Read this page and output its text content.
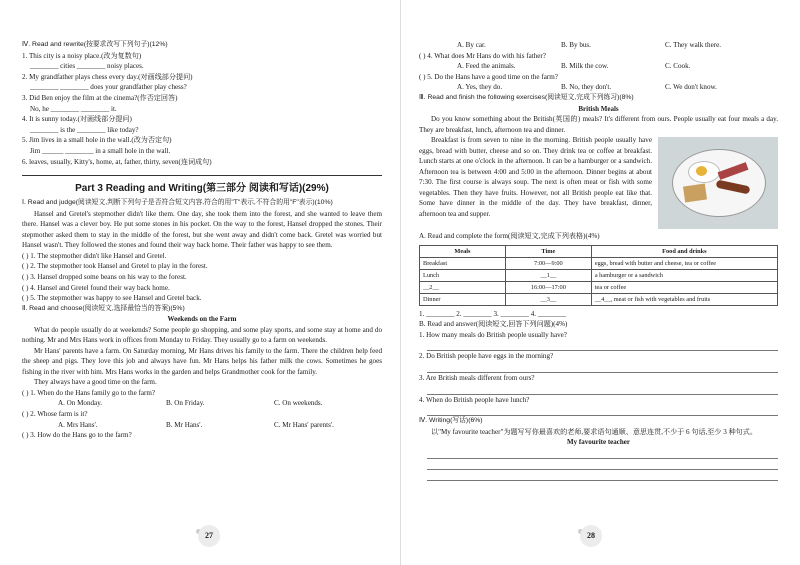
Ⅳ. Read and rewrite(按要求改写下列句子)(12%)
1. This city is a noisy place.(改为复数句)
________ cities ________ noisy places.
2. My grandfather plays chess every day.(对画线部分提问)
________ ________ does your grandfather play chess?
3. Did Ben enjoy the film at the cinema?(作否定回答)
No, he ________ ________ it.
4. It is sunny today.(对画线部分提问)
________ is the ________ like today?
5. Jim lives in a small hole in the wall.(改为否定句)
Jim ______ ________ in a small hole in the wall.
6. leaves, usually, Kitty's, home, at, father, thirty, seven(连词成句)
Part 3 Reading and Writing(第三部分 阅读和写话)(29%)
Ⅰ. Read and judge(阅读短文,判断下列句子是否符合短文内容,符合的用"T"表示,不符合的用"F"表示)(10%)

Hansel and Gretel's stepmother didn't like them. One day, she took them into the forest, and she wanted to leave them there. Hansel was a clever boy. He put some stones in his pocket. On the way to the forest, Hansel dropped the stones. Their stepmother asked them to stay in the middle of the forest, but she went away and didn't come back. Gretel was worried but Hansel wasn't. They followed the stones and found their way back home. Their father was happy to see them.

( ) 1. The stepmother didn't like Hansel and Gretel.
( ) 2. The stepmother took Hansel and Gretel to play in the forest.
( ) 3. Hansel dropped some beans on his way to the forest.
( ) 4. Hansel and Gretel found their way back home.
( ) 5. The stepmother was happy to see Hansel and Gretel back.
Ⅱ. Read and choose(阅读短文,选择最恰当的答案)(5%)
Weekends on the Farm

What do people usually do at weekends? Some people go shopping, and some play sports, and some stay at home and do nothing. Mr and Mrs Hans work in offices from Monday to Friday. They usually go to a farm on weekends.

Mr Hans' parents have a farm. On Saturday morning, Mr Hans drives his family to the farm. There the children help feed the sheep and pigs. They love this job and always have fun. Mr Hans helps his father milk the cows. Sometimes he goes fishing in the river with him. Mrs Hans works in the garden and helps Grandmother cook for the family.

They always have a good time on the farm.

( ) 1. When do the Hans family go to the farm?
A. On Monday.	B. On Friday.	C. On weekends.
( ) 2. Whose farm is it?
A. Mrs Hans'.	B. Mr Hans'.	C. Mr Hans' parents'.
( ) 3. How do the Hans go to the farm?
27
A. By car.	B. By bus.	C. They walk there.
( ) 4. What does Mr Hans do with his father?
A. Feed the animals.	B. Milk the cow.	C. Cook.
( ) 5. Do the Hans have a good time on the farm?
A. Yes, they do.	B. No, they don't.	C. We don't know.
Ⅲ. Read and finish the following exercises(阅读短文,完成下列练习)(8%)
British Meals

Do you know something about the British(英国的) meals? It's different from ours. People usually eat four meals a day. They are breakfast, lunch, afternoon tea and dinner.

Breakfast is from seven to nine in the morning. British people usually have eggs, bread with butter, cheese and so on. They drink tea or coffee at breakfast. Lunch starts at one o'clock in the afternoon. It can be a hamburger or a sandwich. Afternoon tea is between 4:00 and 5:00 in the afternoon. Dinner begins at about 7:30. The first course is always soup. The next is often meat or fish with some vegetables. Then they have fruits. However, not all British people eat like that. Some have dinner in the middle of the day. They have breakfast, dinner, afternoon tea and supper.

A. Read and complete the form(阅读短文,完成下列表格)(4%)
Meals	Time	Food and drinks
Breakfast	7:00—9:00	eggs, bread with butter and cheese, tea or coffee
Lunch	__1__	a hamburger or a sandwich
__2__	16:00—17:00	tea or coffee
Dinner	__3__	__4__, meat or fish with vegetables and fruits
1. ________ 2. ________ 3. ________ 4. ________
B. Read and answer(阅读短文,回答下列问题)(4%)
1. How many meals do British people usually have?
2. Do British people have eggs in the morning?
3. Are British meals different from ours?
4. When do British people have lunch?
Ⅳ. Writing(写话)(6%)

以"My favourite teacher"为题写写你最喜欢的老师,要求语句通顺、意思连贯,不少于 6 句话,至少 3 种句式。

My favourite teacher
28
